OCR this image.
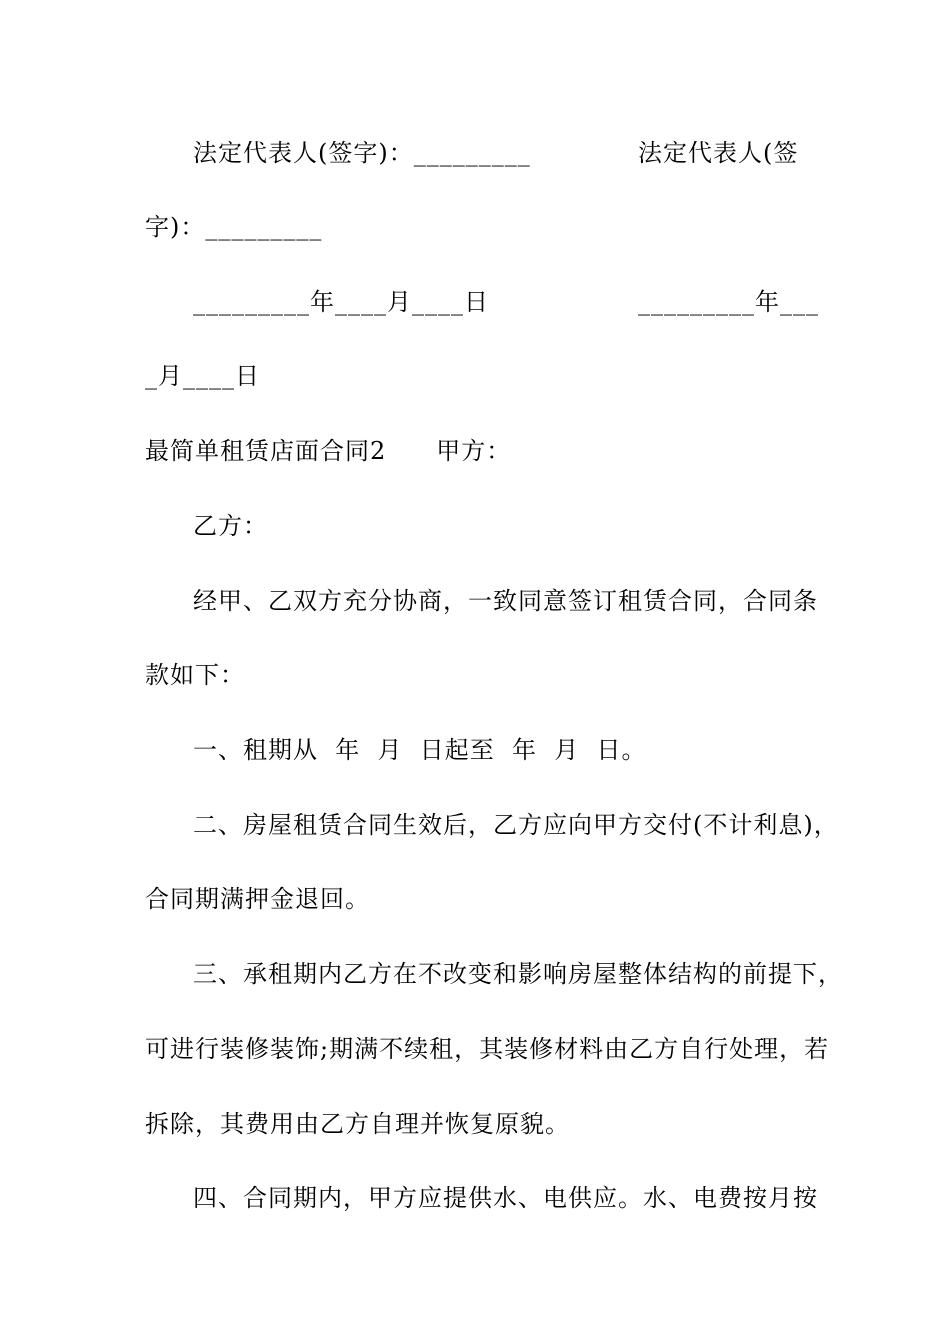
法定代表人(签字)：_________	法定代表人(签
字)：_________
_________年____月____日	_________年___
_月____日
最简单租赁店面合同2　　甲方：
乙方：
经甲、乙双方充分协商，一致同意签订租赁合同，合同条
款如下：
一、租期从  年  月  日起至  年  月  日。
二、房屋租赁合同生效后，乙方应向甲方交付(不计利息)，
合同期满押金退回。
三、承租期内乙方在不改变和影响房屋整体结构的前提下，
可进行装修装饰;期满不续租，其装修材料由乙方自行处理，若
拆除，其费用由乙方自理并恢复原貌。
四、合同期内，甲方应提供水、电供应。水、电费按月按
